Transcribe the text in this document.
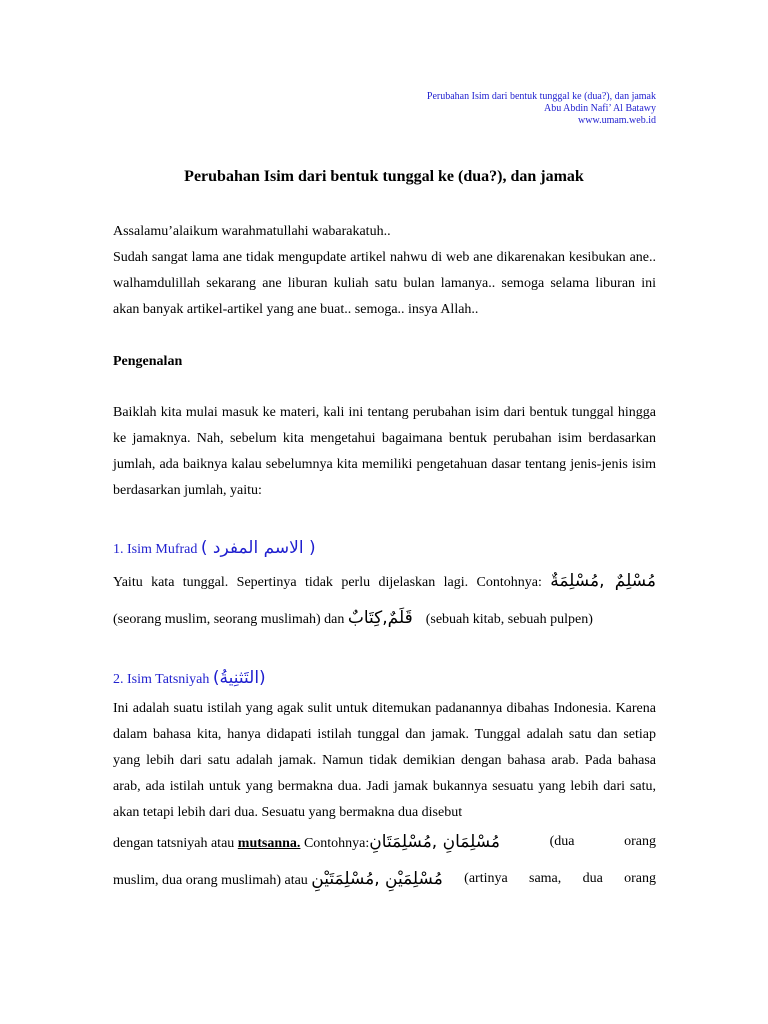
Perubahan Isim dari bentuk tunggal ke (dua?), dan jamak
Abu Abdin Nafi’ Al Batawy
www.umam.web.id
Perubahan Isim dari bentuk tunggal ke (dua?), dan jamak
Assalamu’alaikum warahmatullahi wabarakatuh..
Sudah sangat lama ane tidak mengupdate artikel nahwu di web ane dikarenakan kesibukan ane.. walhamdulillah sekarang ane liburan kuliah satu bulan lamanya.. semoga selama liburan ini akan banyak artikel-artikel yang ane buat.. semoga.. insya Allah..
Pengenalan
Baiklah kita mulai masuk ke materi, kali ini tentang perubahan isim dari bentuk tunggal hingga ke jamaknya. Nah, sebelum kita mengetahui bagaimana bentuk perubahan isim berdasarkan jumlah, ada baiknya kalau sebelumnya kita memiliki pengetahuan dasar tentang jenis-jenis isim berdasarkan jumlah, yaitu:
1. Isim Mufrad ( الاسم المفرد )
Yaitu kata tunggal. Sepertinya tidak perlu dijelaskan lagi. Contohnya: مُسْلِمٌ ,مُسْلِمَةٌ
(seorang muslim, seorang muslimah) dan قَلَمٌ,كِتَابٌ (sebuah kitab, sebuah pulpen)
2. Isim Tatsniyah (التَثنِيةُ)
Ini adalah suatu istilah yang agak sulit untuk ditemukan padanannya dibahas Indonesia. Karena dalam bahasa kita, hanya didapati istilah tunggal dan jamak. Tunggal adalah satu dan setiap yang lebih dari satu adalah jamak. Namun tidak demikian dengan bahasa arab. Pada bahasa arab, ada istilah untuk yang bermakna dua. Jadi jamak bukannya sesuatu yang lebih dari satu, akan tetapi lebih dari dua. Sesuatu yang bermakna dua disebut
dengan tatsniyah atau mutsanna. Contohnya:مُسْلِمَانِ ,مُسْلِمَتَانِ	(dua	orang
muslim, dua orang muslimah) atau مُسْلِمَيْنِ ,مُسْلِمَتَيْنِ (artinya sama, dua orang
